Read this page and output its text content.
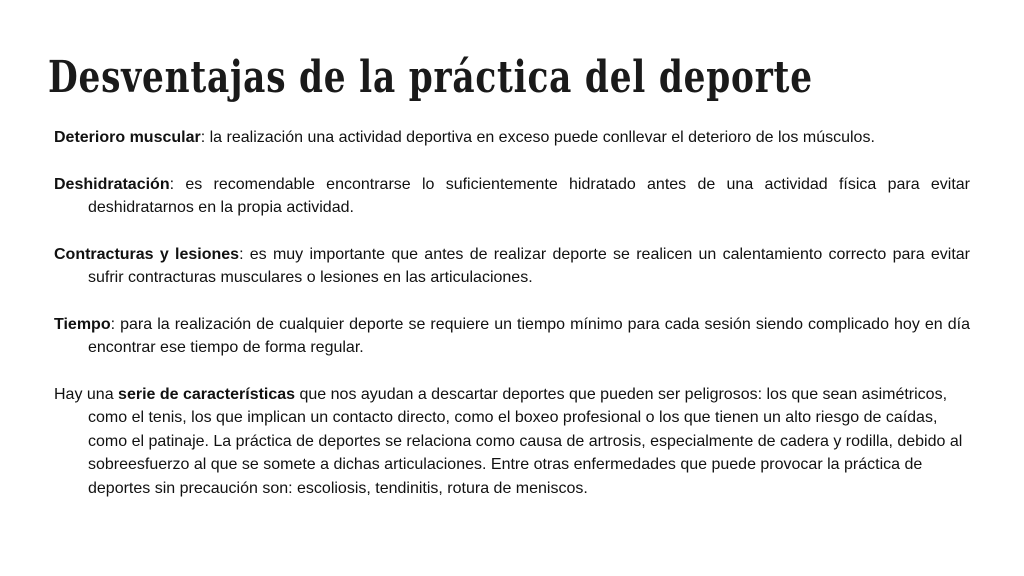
Desventajas de la práctica del deporte

Deterioro muscular: la realización una actividad deportiva en exceso puede conllevar el deterioro de los músculos.

Deshidratación: es recomendable encontrarse lo suficientemente hidratado antes de una actividad física para evitar deshidratarnos en la propia actividad.

Contracturas y lesiones: es muy importante que antes de realizar deporte se realicen un calentamiento correcto para evitar sufrir contracturas musculares o lesiones en las articulaciones.

Tiempo: para la realización de cualquier deporte se requiere un tiempo mínimo para cada sesión siendo complicado hoy en día encontrar ese tiempo de forma regular.

Hay una serie de características que nos ayudan a descartar deportes que pueden ser peligrosos: los que sean asimétricos, como el tenis, los que implican un contacto directo, como el boxeo profesional o los que tienen un alto riesgo de caídas, como el patinaje. La práctica de deportes se relaciona como causa de artrosis, especialmente de cadera y rodilla, debido al sobreesfuerzo al que se somete a dichas articulaciones. Entre otras enfermedades que puede provocar la práctica de deportes sin precaución son: escoliosis, tendinitis, rotura de meniscos.
